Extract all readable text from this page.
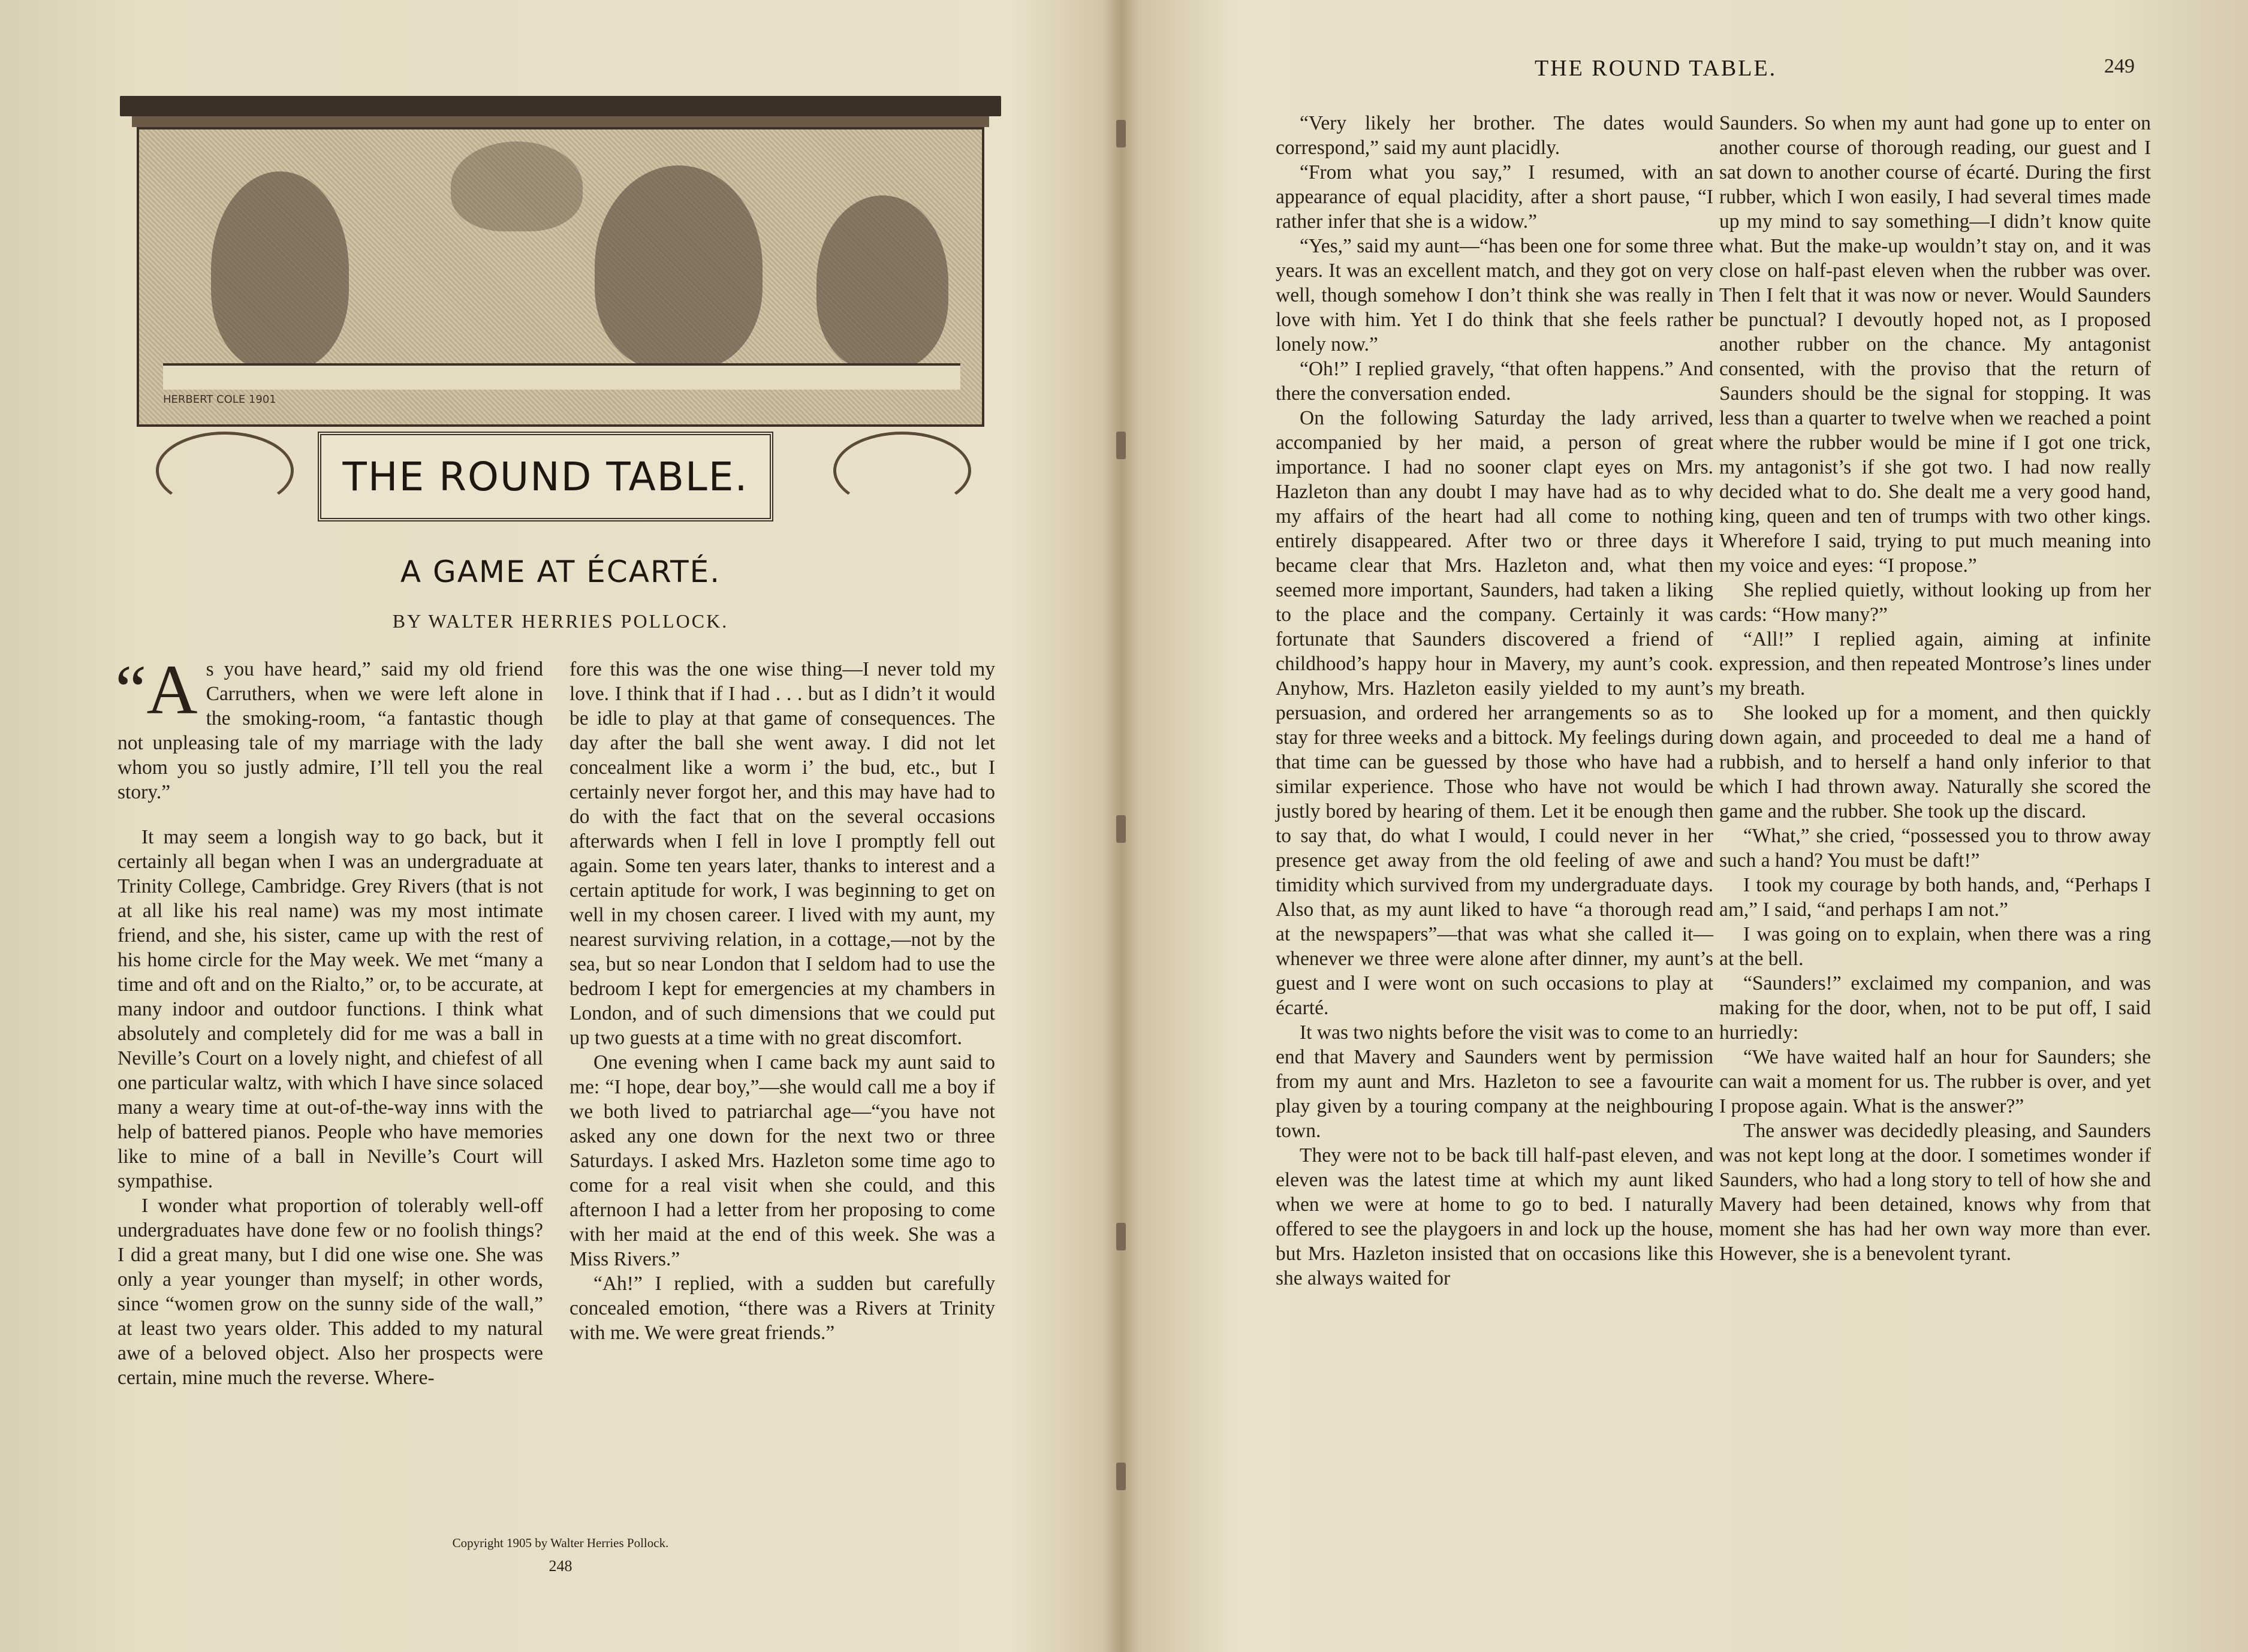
HERBERT COLE 1901
THE ROUND TABLE.
A GAME AT ÉCARTÉ.
BY WALTER HERRIES POLLOCK.

“As you have heard,” said my old friend Carruthers, when we were left alone in the smoking-room, “a fantastic though not unpleasing tale of my marriage with the lady whom you so justly admire, I’ll tell you the real story.”

It may seem a longish way to go back, but it certainly all began when I was an undergraduate at Trinity College, Cambridge. Grey Rivers (that is not at all like his real name) was my most intimate friend, and she, his sister, came up with the rest of his home circle for the May week. We met “many a time and oft and on the Rialto,” or, to be accurate, at many indoor and outdoor functions. I think what absolutely and completely did for me was a ball in Neville’s Court on a lovely night, and chiefest of all one particular waltz, with which I have since solaced many a weary time at out-of-the-way inns with the help of battered pianos. People who have memories like to mine of a ball in Neville’s Court will sympathise.

I wonder what proportion of tolerably well-off undergraduates have done few or no foolish things? I did a great many, but I did one wise one. She was only a year younger than myself; in other words, since “women grow on the sunny side of the wall,” at least two years older. This added to my natural awe of a beloved object. Also her prospects were certain, mine much the reverse. Where-

fore this was the one wise thing—I never told my love. I think that if I had . . . but as I didn’t it would be idle to play at that game of consequences. The day after the ball she went away. I did not let concealment like a worm i’ the bud, etc., but I certainly never forgot her, and this may have had to do with the fact that on the several occasions afterwards when I fell in love I promptly fell out again. Some ten years later, thanks to interest and a certain aptitude for work, I was beginning to get on well in my chosen career. I lived with my aunt, my nearest surviving relation, in a cottage,—not by the sea, but so near London that I seldom had to use the bedroom I kept for emergencies at my chambers in London, and of such dimensions that we could put up two guests at a time with no great discomfort.

One evening when I came back my aunt said to me: “I hope, dear boy,”—she would call me a boy if we both lived to patriarchal age—“you have not asked any one down for the next two or three Saturdays. I asked Mrs. Hazleton some time ago to come for a real visit when she could, and this afternoon I had a letter from her proposing to come with her maid at the end of this week. She was a Miss Rivers.”

“Ah!” I replied, with a sudden but carefully concealed emotion, “there was a Rivers at Trinity with me. We were great friends.”

Copyright 1905 by Walter Herries Pollock.
248
THE ROUND TABLE.	249

“Very likely her brother. The dates would correspond,” said my aunt placidly.

“From what you say,” I resumed, with an appearance of equal placidity, after a short pause, “I rather infer that she is a widow.”

“Yes,” said my aunt—“has been one for some three years. It was an excellent match, and they got on very well, though somehow I don’t think she was really in love with him. Yet I do think that she feels rather lonely now.”

“Oh!” I replied gravely, “that often happens.” And there the conversation ended.

On the following Saturday the lady arrived, accompanied by her maid, a person of great importance. I had no sooner clapt eyes on Mrs. Hazleton than any doubt I may have had as to why my affairs of the heart had all come to nothing entirely disappeared. After two or three days it became clear that Mrs. Hazleton and, what then seemed more important, Saunders, had taken a liking to the place and the company. Certainly it was fortunate that Saunders discovered a friend of childhood’s happy hour in Mavery, my aunt’s cook. Anyhow, Mrs. Hazleton easily yielded to my aunt’s persuasion, and ordered her arrangements so as to stay for three weeks and a bittock. My feelings during that time can be guessed by those who have had a similar experience. Those who have not would be justly bored by hearing of them. Let it be enough then to say that, do what I would, I could never in her presence get away from the old feeling of awe and timidity which survived from my undergraduate days. Also that, as my aunt liked to have “a thorough read at the newspapers”—that was what she called it—whenever we three were alone after dinner, my aunt’s guest and I were wont on such occasions to play at écarté.

It was two nights before the visit was to come to an end that Mavery and Saunders went by permission from my aunt and Mrs. Hazleton to see a favourite play given by a touring company at the neighbouring town.

They were not to be back till half-past eleven, and eleven was the latest time at which my aunt liked when we were at home to go to bed. I naturally offered to see the playgoers in and lock up the house, but Mrs. Hazleton insisted that on occasions like this she always waited for

Saunders. So when my aunt had gone up to enter on another course of thorough reading, our guest and I sat down to another course of écarté. During the first rubber, which I won easily, I had several times made up my mind to say something—I didn’t know quite what. But the make-up wouldn’t stay on, and it was close on half-past eleven when the rubber was over. Then I felt that it was now or never. Would Saunders be punctual? I devoutly hoped not, as I proposed another rubber on the chance. My antagonist consented, with the proviso that the return of Saunders should be the signal for stopping. It was less than a quarter to twelve when we reached a point where the rubber would be mine if I got one trick, my antagonist’s if she got two. I had now really decided what to do. She dealt me a very good hand, king, queen and ten of trumps with two other kings. Wherefore I said, trying to put much meaning into my voice and eyes: “I propose.”

She replied quietly, without looking up from her cards: “How many?”

“All!” I replied again, aiming at infinite expression, and then repeated Montrose’s lines under my breath.

She looked up for a moment, and then quickly down again, and proceeded to deal me a hand of rubbish, and to herself a hand only inferior to that which I had thrown away. Naturally she scored the game and the rubber. She took up the discard.

“What,” she cried, “possessed you to throw away such a hand? You must be daft!”

I took my courage by both hands, and, “Perhaps I am,” I said, “and perhaps I am not.”

I was going on to explain, when there was a ring at the bell.

“Saunders!” exclaimed my companion, and was making for the door, when, not to be put off, I said hurriedly:

“We have waited half an hour for Saunders; she can wait a moment for us. The rubber is over, and yet I propose again. What is the answer?”

The answer was decidedly pleasing, and Saunders was not kept long at the door. I sometimes wonder if Saunders, who had a long story to tell of how she and Mavery had been detained, knows why from that moment she has had her own way more than ever. However, she is a benevolent tyrant.
